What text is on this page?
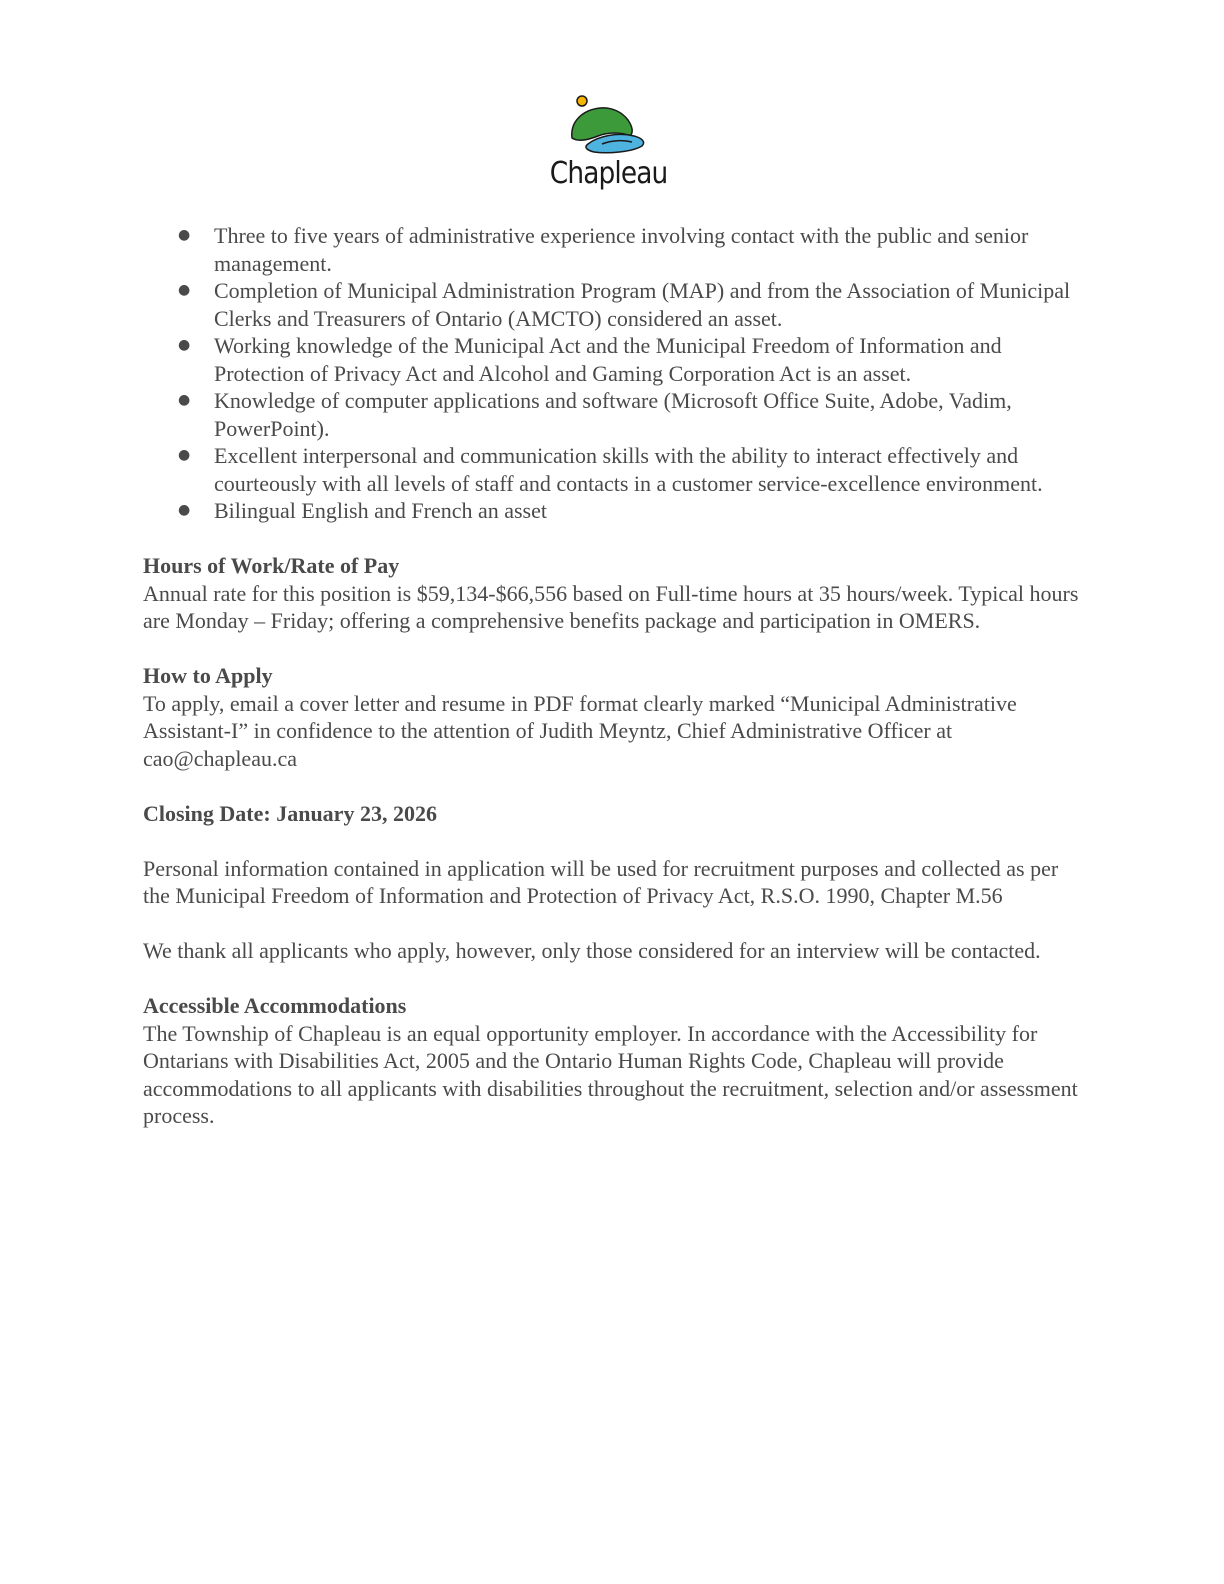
Chapleau
● Three to five years of administrative experience involving contact with the public and senior management.
● Completion of Municipal Administration Program (MAP) and from the Association of Municipal Clerks and Treasurers of Ontario (AMCTO) considered an asset.
● Working knowledge of the Municipal Act and the Municipal Freedom of Information and Protection of Privacy Act and Alcohol and Gaming Corporation Act is an asset.
● Knowledge of computer applications and software (Microsoft Office Suite, Adobe, Vadim, PowerPoint).
● Excellent interpersonal and communication skills with the ability to interact effectively and courteously with all levels of staff and contacts in a customer service-excellence environment.
● Bilingual English and French an asset
Hours of Work/Rate of Pay

Annual rate for this position is $59,134-$66,556 based on Full-time hours at 35 hours/week. Typical hours are Monday – Friday; offering a comprehensive benefits package and participation in OMERS.

How to Apply

To apply, email a cover letter and resume in PDF format clearly marked “Municipal Administrative Assistant-I” in confidence to the attention of Judith Meyntz, Chief Administrative Officer at cao@chapleau.ca

Closing Date: January 23, 2026

Personal information contained in application will be used for recruitment purposes and collected as per the Municipal Freedom of Information and Protection of Privacy Act, R.S.O. 1990, Chapter M.56

We thank all applicants who apply, however, only those considered for an interview will be contacted.

Accessible Accommodations

The Township of Chapleau is an equal opportunity employer. In accordance with the Accessibility for Ontarians with Disabilities Act, 2005 and the Ontario Human Rights Code, Chapleau will provide accommodations to all applicants with disabilities throughout the recruitment, selection and/or assessment process.
